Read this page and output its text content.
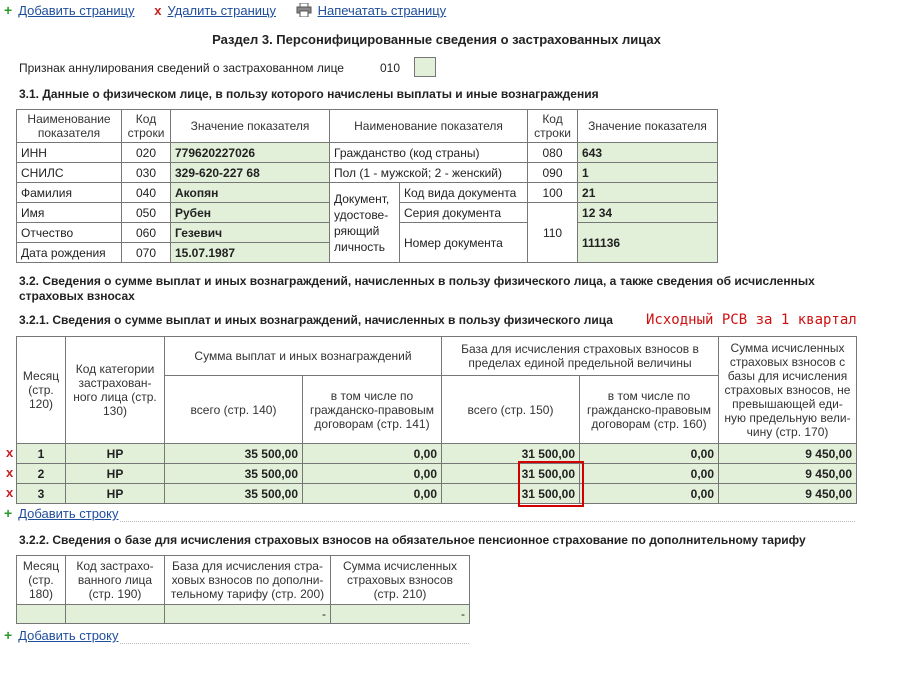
+ Добавить страницу x Удалить страницу	Напечатать страницу
Раздел 3. Персонифицированные сведения о застрахованных лицах
Признак аннулирования сведений о застрахованном лице	010
3.1. Данные о физическом лице, в пользу которого начислены выплаты и иные вознаграждения
Наименование показателя	Код строки	Значение показателя	Наименование показателя		Код строки	Значение показателя
ИНН	020	779620227026	Гражданство (код страны)		080	643
СНИЛС	030	329-620-227 68	Пол (1 - мужской; 2 - женский)		090	1
Фамилия	040	Акопян	Документ, удостове-ряющий личность	Код вида документа	100	21
Имя	050	Рубен		Серия документа	110	12 34
Отчество	060	Гезевич		Номер документа		111136
Дата рождения	070	15.07.1987				
3.2. Сведения о сумме выплат и иных вознаграждений, начисленных в пользу физического лица, а также сведения об исчисленных страховых взносах
3.2.1. Сведения о сумме выплат и иных вознаграждений, начисленных в пользу физического лица Исходный РСВ за 1 квартал
Месяц (стр. 120)	Код категории застрахован-ного лица (стр. 130)	Сумма выплат и иных вознаграждений		База для исчисления страховых взносов в пределах единой предельной величины		Сумма исчисленных страховых взносов с базы для исчисления страховых взносов, не превышающей еди-ную предельную вели-чину (стр. 170)
		всего (стр. 140)	в том числе по гражданско-правовым договорам (стр. 141)	всего (стр. 150)	в том числе по гражданско-правовым договорам (стр. 160)	
1	НР	35 500,00	0,00	31 500,00	0,00	9 450,00
2	НР	35 500,00	0,00	31 500,00	0,00	9 450,00
3	НР	35 500,00	0,00	31 500,00	0,00	9 450,00
x
x
x
+ Добавить строку
3.2.2. Сведения о базе для исчисления страховых взносов на обязательное пенсионное страхование по дополнительному тарифу
Месяц (стр. 180)	Код застрахо-ванного лица (стр. 190)	База для исчисления стра-ховых взносов по дополни-тельному тарифу (стр. 200)	Сумма исчисленных страховых взносов (стр. 210)
		-	-
+ Добавить строку
